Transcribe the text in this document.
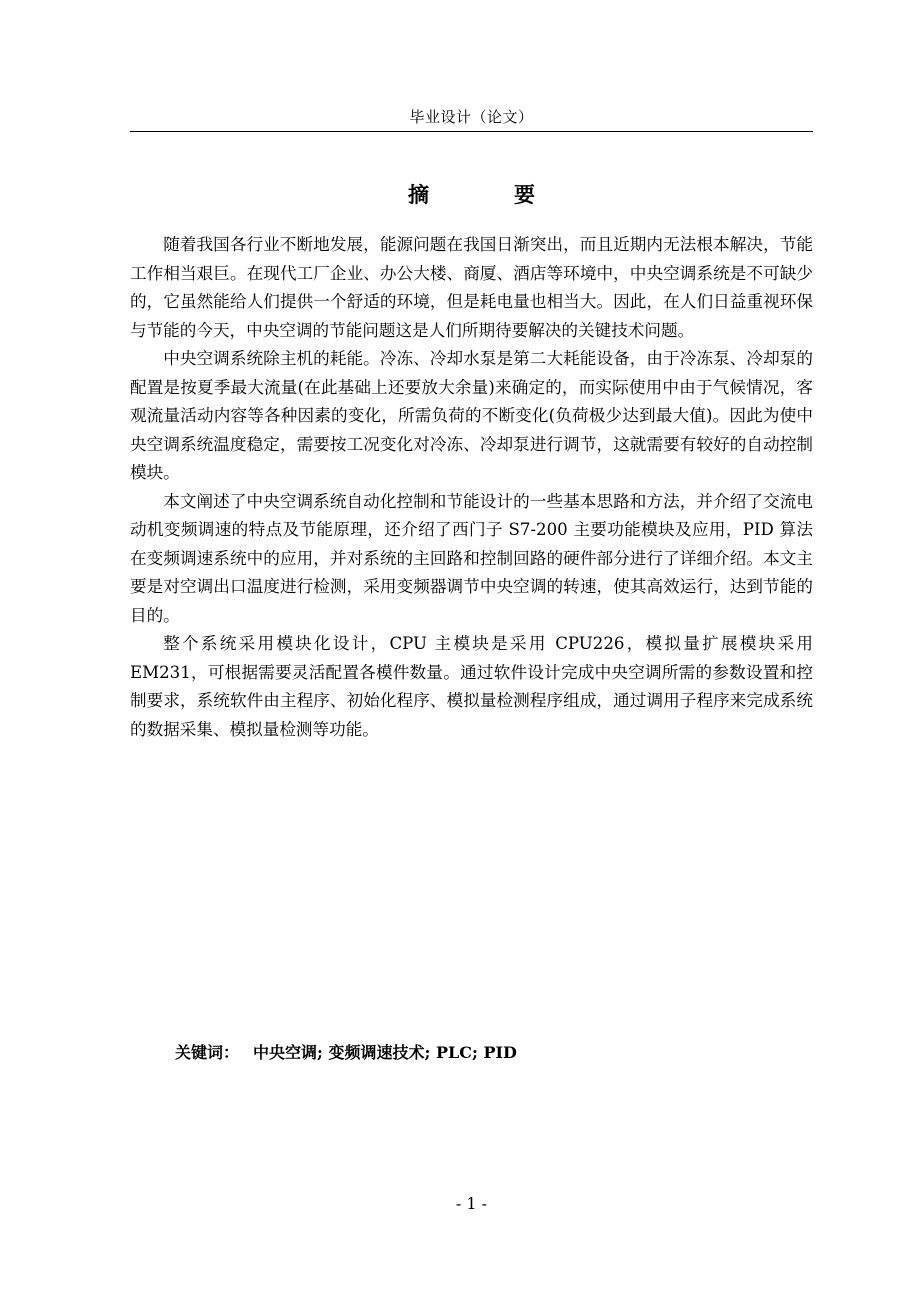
毕业设计（论文）
摘　要

随着我国各行业不断地发展，能源问题在我国日渐突出，而且近期内无法根本解决，节能工作相当艰巨。在现代工厂企业、办公大楼、商厦、酒店等环境中，中央空调系统是不可缺少的，它虽然能给人们提供一个舒适的环境，但是耗电量也相当大。因此，在人们日益重视环保与节能的今天，中央空调的节能问题这是人们所期待要解决的关键技术问题。

中央空调系统除主机的耗能。冷冻、冷却水泵是第二大耗能设备，由于冷冻泵、冷却泵的配置是按夏季最大流量(在此基础上还要放大余量)来确定的，而实际使用中由于气候情况，客观流量活动内容等各种因素的变化，所需负荷的不断变化(负荷极少达到最大值)。因此为使中央空调系统温度稳定，需要按工况变化对冷冻、冷却泵进行调节，这就需要有较好的自动控制模块。

本文阐述了中央空调系统自动化控制和节能设计的一些基本思路和方法，并介绍了交流电动机变频调速的特点及节能原理，还介绍了西门子 S7-200 主要功能模块及应用，PID 算法在变频调速系统中的应用，并对系统的主回路和控制回路的硬件部分进行了详细介绍。本文主要是对空调出口温度进行检测，采用变频器调节中央空调的转速，使其高效运行，达到节能的目的。

整个系统采用模块化设计，CPU 主模块是采用 CPU226，模拟量扩展模块采用 EM231，可根据需要灵活配置各模件数量。通过软件设计完成中央空调所需的参数设置和控制要求，系统软件由主程序、初始化程序、模拟量检测程序组成，通过调用子程序来完成系统的数据采集、模拟量检测等功能。

关键词： 中央空调; 变频调速技术; PLC; PID
- 1 -
